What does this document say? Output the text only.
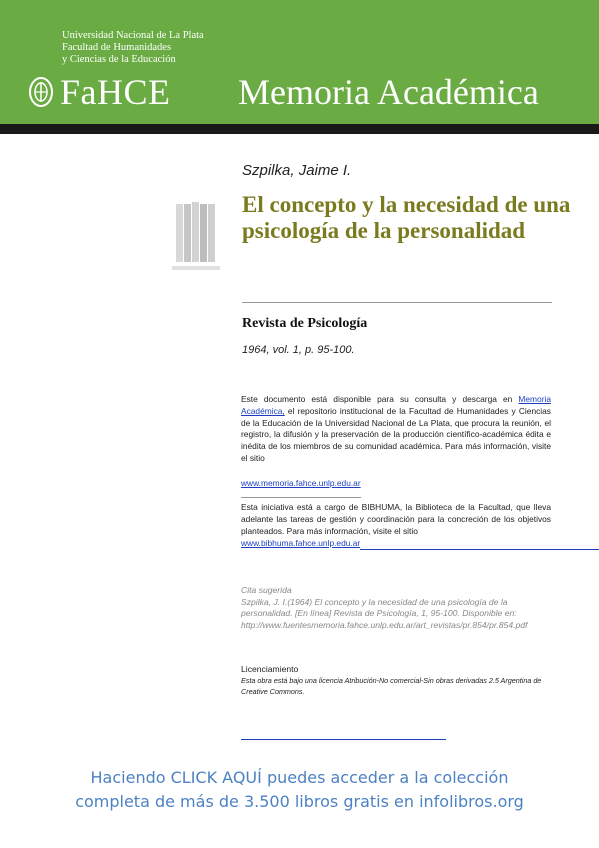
Universidad Nacional de La Plata
Facultad de Humanidades
y Ciencias de la Educación
FaHCE Memoria Académica
Szpilka, Jaime I.
El concepto y la necesidad de una psicología de la personalidad
Revista de Psicología
1964, vol. 1, p. 95-100.
Este documento está disponible para su consulta y descarga en Memoria Académica, el repositorio institucional de la Facultad de Humanidades y Ciencias de la Educación de la Universidad Nacional de La Plata, que procura la reunión, el registro, la difusión y la preservación de la producción científico-académica édita e inédita de los miembros de su comunidad académica. Para más información, visite el sitio
www.memoria.fahce.unlp.edu.ar
Esta iniciativa está a cargo de BIBHUMA, la Biblioteca de la Facultad, que lleva adelante las tareas de gestión y coordinación para la concreción de los objetivos planteados. Para más información, visite el sitio
www.bibhuma.fahce.unlp.edu.ar
Cita sugerida
Szpilka, J. I.(1964) El concepto y la necesidad de una psicología de la personalidad. [En línea] Revista de Psicología, 1, 95-100. Disponible en: http://www.fuentesmemoria.fahce.unlp.edu.ar/art_revistas/pr.854/pr.854.pdf
Licenciamiento
Esta obra está bajo una licencia Atribución-No comercial-Sin obras derivadas 2.5 Argentina de Creative Commons.
Haciendo CLICK AQUÍ puedes acceder a la colección
completa de más de 3.500 libros gratis en infolibros.org
